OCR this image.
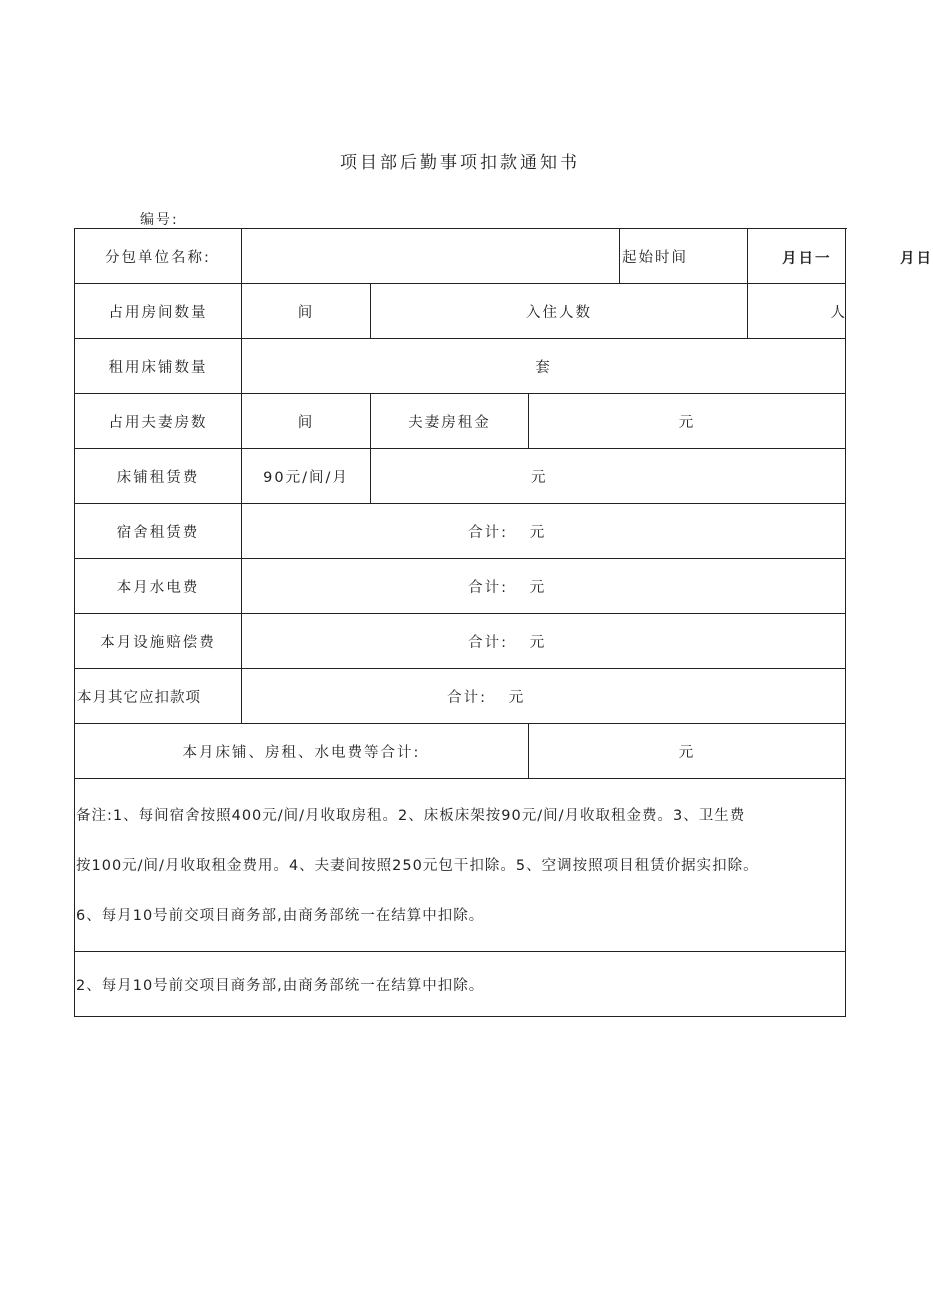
项目部后勤事项扣款通知书
编号:
分包单位名称:				起始时间	月日一 月日

占用房间数量	间	入住人数			人
租用床铺数量	套				
占用夫妻房数	间	夫妻房租金	元		
床铺租赁费	90元/间/月	元			
宿舍租赁费	合计: 元				
本月水电费	合计: 元				
本月设施赔偿费	合计: 元				
本月其它应扣款项	合计: 元				
本月床铺、房租、水电费等合计:			元		

备注:1、每间宿舍按照400元/间/月收取房租。2、床板床架按90元/间/月收取租金费。3、卫生费
按100元/间/月收取租金费用。4、夫妻间按照250元包干扣除。5、空调按照项目租赁价据实扣除。
6、每月10号前交项目商务部,由商务部统一在结算中扣除。					

2、每月10号前交项目商务部,由商务部统一在结算中扣除。					
